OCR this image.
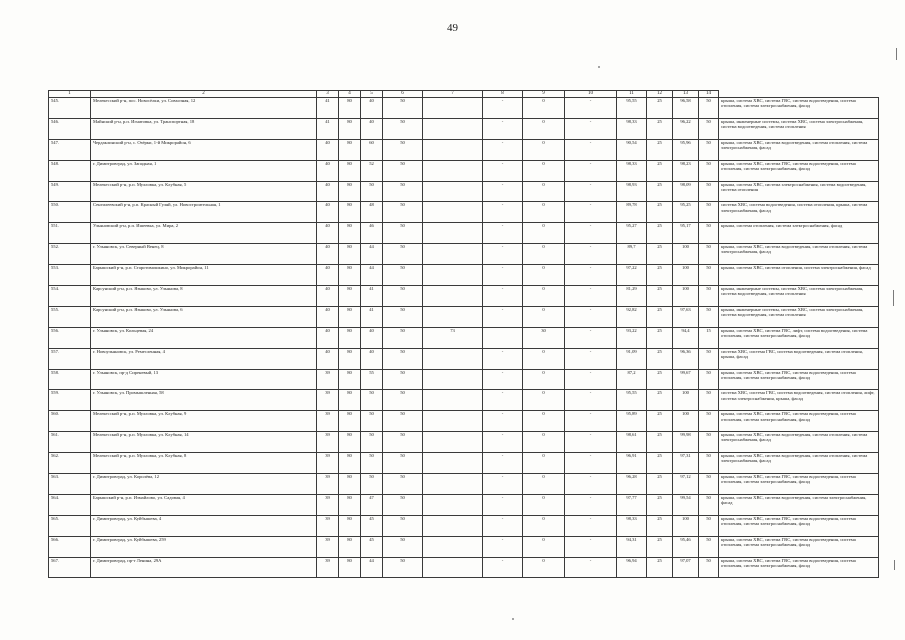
49
1	2	3	4	5	6	7	8	9	10	11	12	13	14	
545.	Мелекесский р-н, пос. Новосёлки, ул. Совхозная, 12	41	80	40	50		-	0	-	95,55	25	96,58	50		крыша, система ХВС, система ГВС, система водоотведения, система отопления, система электроснабжения, фасад
546.	Майнский р-н, р.п. Игнатовка, ул. Транспортная, 18	41	80	40	50		-	0	-	98,33	25	96,22	50		крыша, инженерные системы, система ХВС, система электроснабжения, система водоотведения, система отопления
547.	Чердаклинский р-н, с. Озёрки, 1-й Микрорайон, 6	40	80	60	50		-	0	-	90,54	25	95,96	50		крыша, система ХВС, система водоотведения, система отопления, система электроснабжения, фасад
548.	г. Димитровград, ул. Западная, 1	40	80	52	50		-	0	-	98,33	25	98,23	50		крыша, система ХВС, система ГВС, система водоотведения, система отопления, система электроснабжения, фасад
549.	Мелекесский р-н, р.п. Мулловка, ул. Клубная, 5	40	80	50	50		-	0	-	98,93	25	98,09	50		крыша, система ХВС, система электроснабжения, система водоотведения, система отопления
550.	Сенгилеевский р-н, р.п. Красный Гуляй, ул. Новостроительная, 1	40	80	48	50		-	0	-	89,78	25	95,25	50		система ХВС, система водоотведения, система отопления, крыша, система электроснабжения, фасад
551.	Ульяновский р-н, р.п. Ишеевка, ул. Мира, 2	40	80	46	50		-	0	-	95,27	25	95,17	50		крыша, система отопления, система электроснабжения, фасад
552.	г. Ульяновск, ул. Северный Венец, 8	40	80	44	50		-	0	-	89,7	25	100	50		крыша, система ХВС, система водоотведения, система отопления, система электроснабжения, фасад
553.	Барышский р-н, р.п. Старотимошкино, ул. Микрорайон, 11	40	80	44	50		-	0	-	97,22	25	100	50		крыша, система ХВС, система отопления, система электроснабжения, фасад
554.	Карсунский р-н, р.п. Языково, ул. Ульянова, 8	40	80	41	50		-	0	-	81,29	25	100	50		крыша, инженерные системы, система ХВС, система электроснабжения, система водоотведения, система отопления
555.	Карсунский р-н, р.п. Языково, ул. Ульянова, 6	40	80	41	50		-	0	-	92,82	25	97,63	50		крыша, инженерные системы, система ХВС, система электроснабжения, система водоотведения, система отопления
556.	г. Ульяновск, ул. Кольцевая, 24	40	80	40	50	73		30	-	93,22	25	94,4	15		крыша, система ХВС, система ГВС, лифт, система водоотведения, система отопления, система электроснабжения, фасад
557.	г. Новоульяновск, ул. Ремесленная, 4	40	80	40	50		-	0	-	91,09	25	96,36	50		система ХВС, система ГВС, система водоотведения, система отопления, крыша, фасад
558.	г. Ульяновск, пр-д Сиреневый, 13	39	80	55	50		-	0	-	87,2	25	99,67	50		крыша, система ХВС, система ГВС, система водоотведения, система отопления, система электроснабжения, фасад
559.	г. Ульяновск, ул. Промышленная, 58	39	80	50	50		-	0	-	95,55	25	100	50		система ХВС, система ГВС, система водоотведения, система отопления, лифт, система электроснабжения, крыша, фасад
560.	Мелекесский р-н, р.п. Мулловка, ул. Клубная, 9	39	80	50	50		-	0	-	95,89	25	100	50		крыша, система ХВС, система ГВС, система водоотведения, система отопления, система электроснабжения, фасад
561.	Мелекесский р-н, р.п. Мулловка, ул. Клубная, 14	39	80	50	50		-	0	-	98,61	25	99,98	50		крыша, система ХВС, система водоотведения, система отопления, система электроснабжения, фасад
562.	Мелекесский р-н, р.п. Мулловка, ул. Клубная, 8	39	80	50	50		-	0	-	96,91	25	97,31	50		крыша, система ХВС, система водоотведения, система отопления, система электроснабжения, фасад
563.	г. Димитровград, ул. Королёва, 12	39	80	50	50		-	0	-	96,28	25	97,12	50		крыша, система ХВС, система ГВС, система водоотведения, система отопления, система электроснабжения, фасад
564.	Барышский р-н, р.п. Измайлово, ул. Садовая, 4	39	80	47	50		-	0	-	97,77	25	99,54	50		крыша, система ХВС, система водоотведения, система электроснабжения, фасад
565.	г. Димитровград, ул. Куйбышева, 4	39	80	45	50		-	0	-	98,33	25	100	50		крыша, система ХВС, система ГВС, система водоотведения, система отопления, система электроснабжения, фасад
566.	г. Димитровград, ул. Куйбышева, 259	39	80	45	50		-	0	-	94,31	25	95,46	50		крыша, система ХВС, система ГВС, система водоотведения, система отопления, система электроснабжения, фасад
567.	г. Димитровград, пр-т Ленина, 29А	39	80	44	50		-	0	-	96,94	25	97,07	50		крыша, система ХВС, система ГВС, система водоотведения, система отопления, система электроснабжения, фасад
